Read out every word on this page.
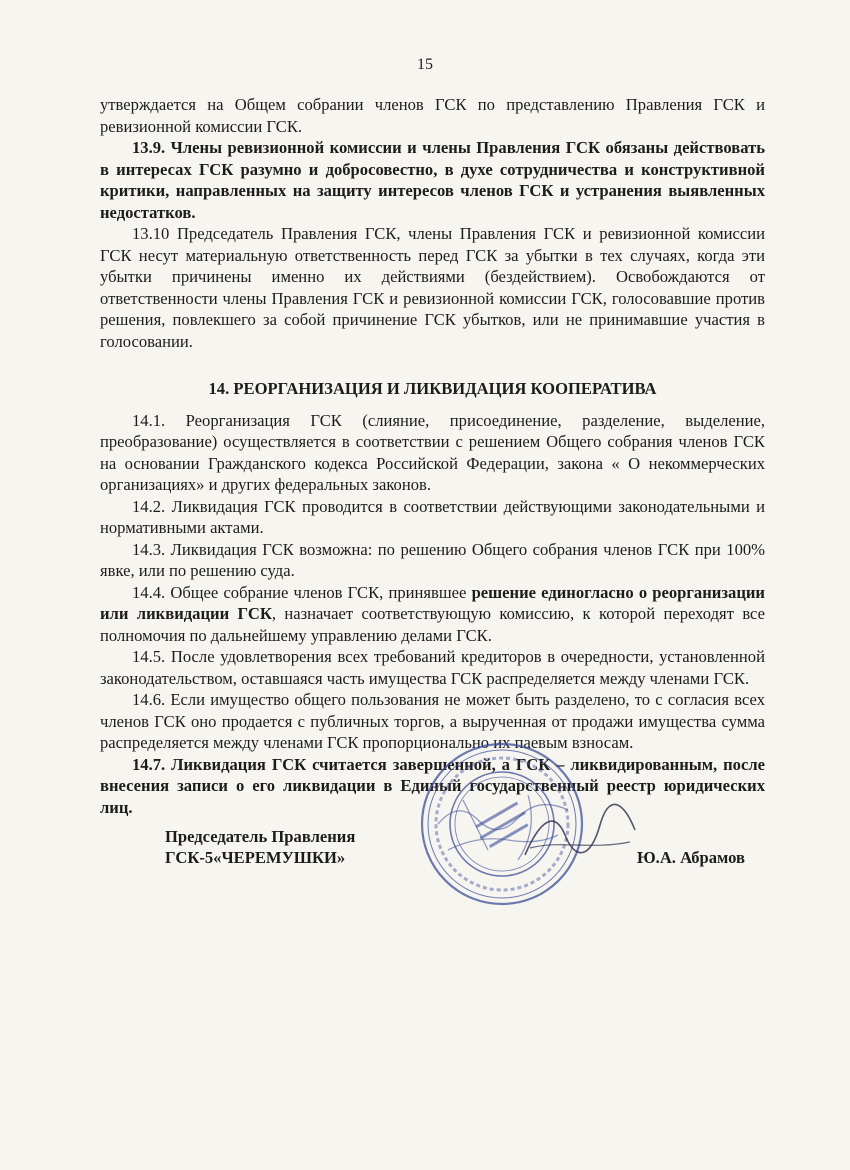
15

утверждается на Общем собрании членов ГСК по представлению Правления ГСК и ревизионной комиссии ГСК.

13.9. Члены ревизионной комиссии и члены Правления ГСК обязаны действовать в интересах ГСК разумно и добросовестно, в духе сотрудничества и конструктивной критики, направленных на защиту интересов членов ГСК и устранения выявленных недостатков.

13.10 Председатель Правления ГСК, члены Правления ГСК и ревизионной комиссии ГСК несут материальную ответственность перед ГСК за убытки в тех случаях, когда эти убытки причинены именно их действиями (бездействием). Освобождаются от ответственности члены Правления ГСК и ревизионной комиссии ГСК, голосовавшие против решения, повлекшего за собой причинение ГСК убытков, или не принимавшие участия в голосовании.

14. РЕОРГАНИЗАЦИЯ И ЛИКВИДАЦИЯ КООПЕРАТИВА

14.1. Реорганизация ГСК (слияние, присоединение, разделение, выделение, преобразование) осуществляется в соответствии с решением Общего собрания членов ГСК на основании Гражданского кодекса Российской Федерации, закона « О некоммерческих организациях» и других федеральных законов.

14.2. Ликвидация ГСК проводится в соответствии действующими законодательными и нормативными актами.

14.3. Ликвидация ГСК возможна: по решению Общего собрания членов ГСК при 100% явке, или по решению суда.

14.4. Общее собрание членов ГСК, принявшее решение единогласно о реорганизации или ликвидации ГСК, назначает соответствующую комиссию, к которой переходят все полномочия по дальнейшему управлению делами ГСК.

14.5. После удовлетворения всех требований кредиторов в очередности, установленной законодательством, оставшаяся часть имущества ГСК распределяется между членами ГСК.

14.6. Если имущество общего пользования не может быть разделено, то с согласия всех членов ГСК оно продается с публичных торгов, а вырученная от продажи имущества сумма распределяется между членами ГСК пропорционально их паевым взносам.

14.7. Ликвидация ГСК считается завершенной, а ГСК – ликвидированным, после внесения записи о его ликвидации в Единый государственный реестр юридических лиц.

Председатель Правления
ГСК-5«ЧЕРЕМУШКИ»	Ю.А. Абрамов
